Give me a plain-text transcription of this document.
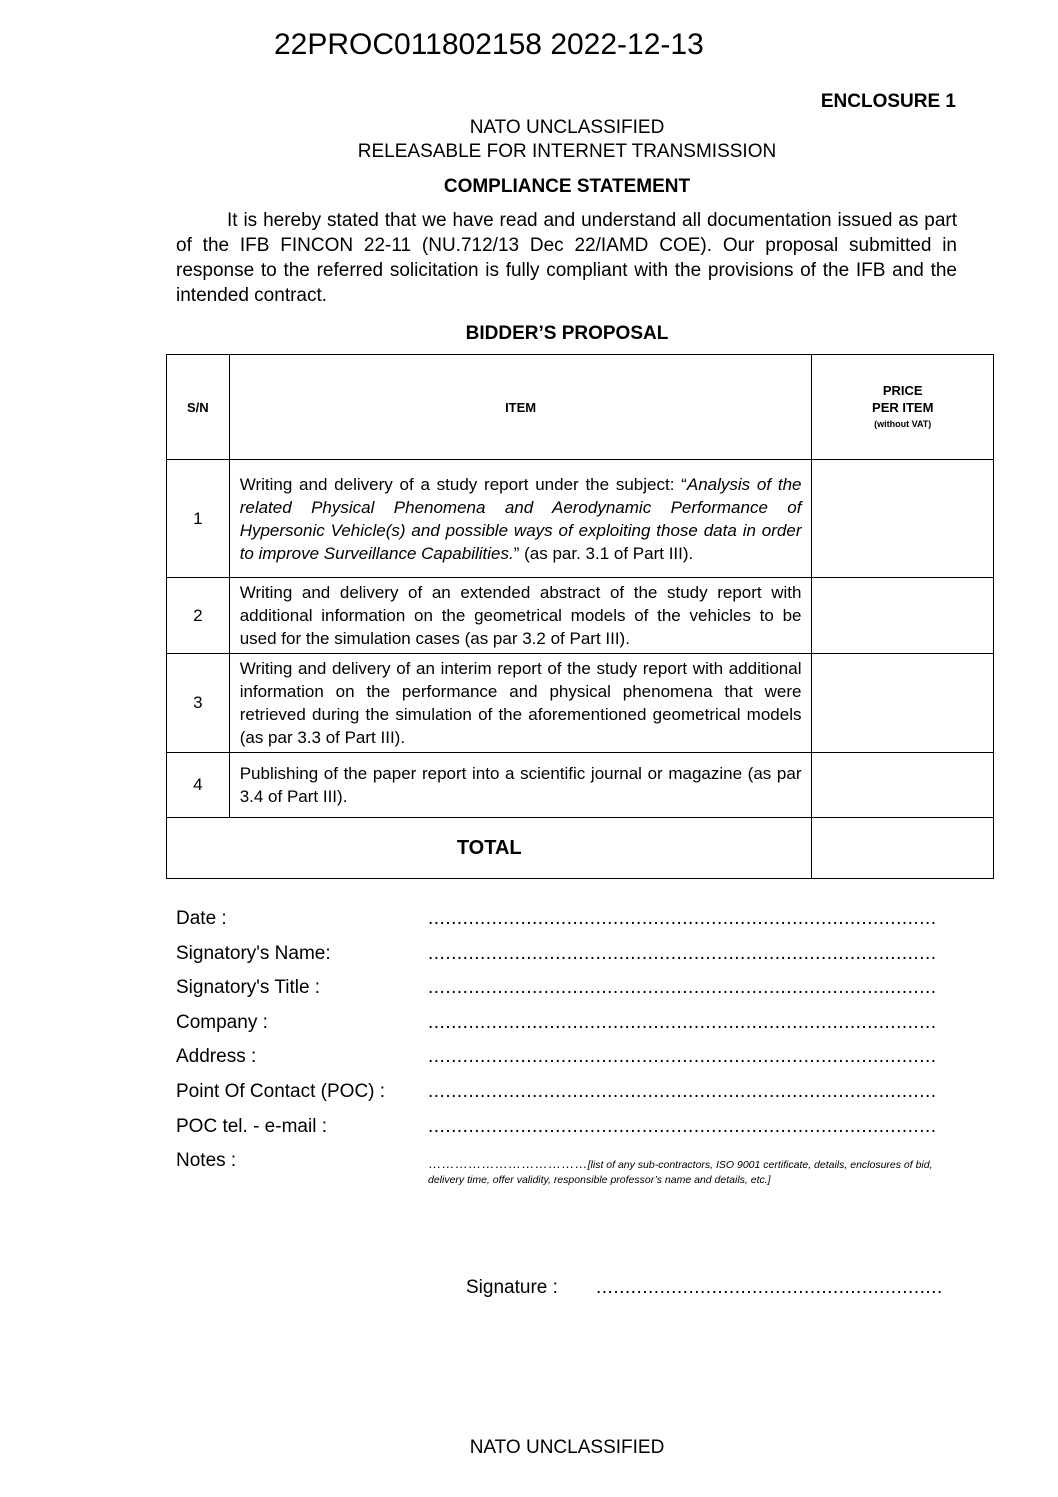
22PROC011802158 2022-12-13
ENCLOSURE 1
NATO UNCLASSIFIED
RELEASABLE FOR INTERNET TRANSMISSION
COMPLIANCE STATEMENT
It is hereby stated that we have read and understand all documentation issued as part of the IFB FINCON 22-11 (NU.712/13 Dec 22/IAMD COE). Our proposal submitted in response to the referred solicitation is fully compliant with the provisions of the IFB and the intended contract.
BIDDER’S PROPOSAL
S/N	ITEM	PRICE
PER ITEM
(without VAT)

1	Writing and delivery of a study report under the subject: “Analysis of the related Physical Phenomena and Aerodynamic Performance of Hypersonic Vehicle(s) and possible ways of exploiting those data in order to improve Surveillance Capabilities.” (as par. 3.1 of Part III).	
2	Writing and delivery of an extended abstract of the study report with additional information on the geometrical models of the vehicles to be used for the simulation cases (as par 3.2 of Part III).	
3	Writing and delivery of an interim report of the study report with additional information on the performance and physical phenomena that were retrieved during the simulation of the aforementioned geometrical models (as par 3.3 of Part III).	
4	Publishing of the paper report into a scientific journal or magazine (as par 3.4 of Part III).	
TOTAL		
Date :	........................................................................................
Signatory's Name:	........................................................................................
Signatory's Title :	........................................................................................
Company :	........................................................................................
Address :	........................................................................................
Point Of Contact (POC) : ........................................................................................
POC tel. - e-mail :	........................................................................................
Notes :	………………………………[list of any sub-contractors, ISO 9001 certificate, details, enclosures of bid, delivery time, offer validity, responsible professor’s name and details, etc.]
Signature : ............................................................
NATO UNCLASSIFIED
